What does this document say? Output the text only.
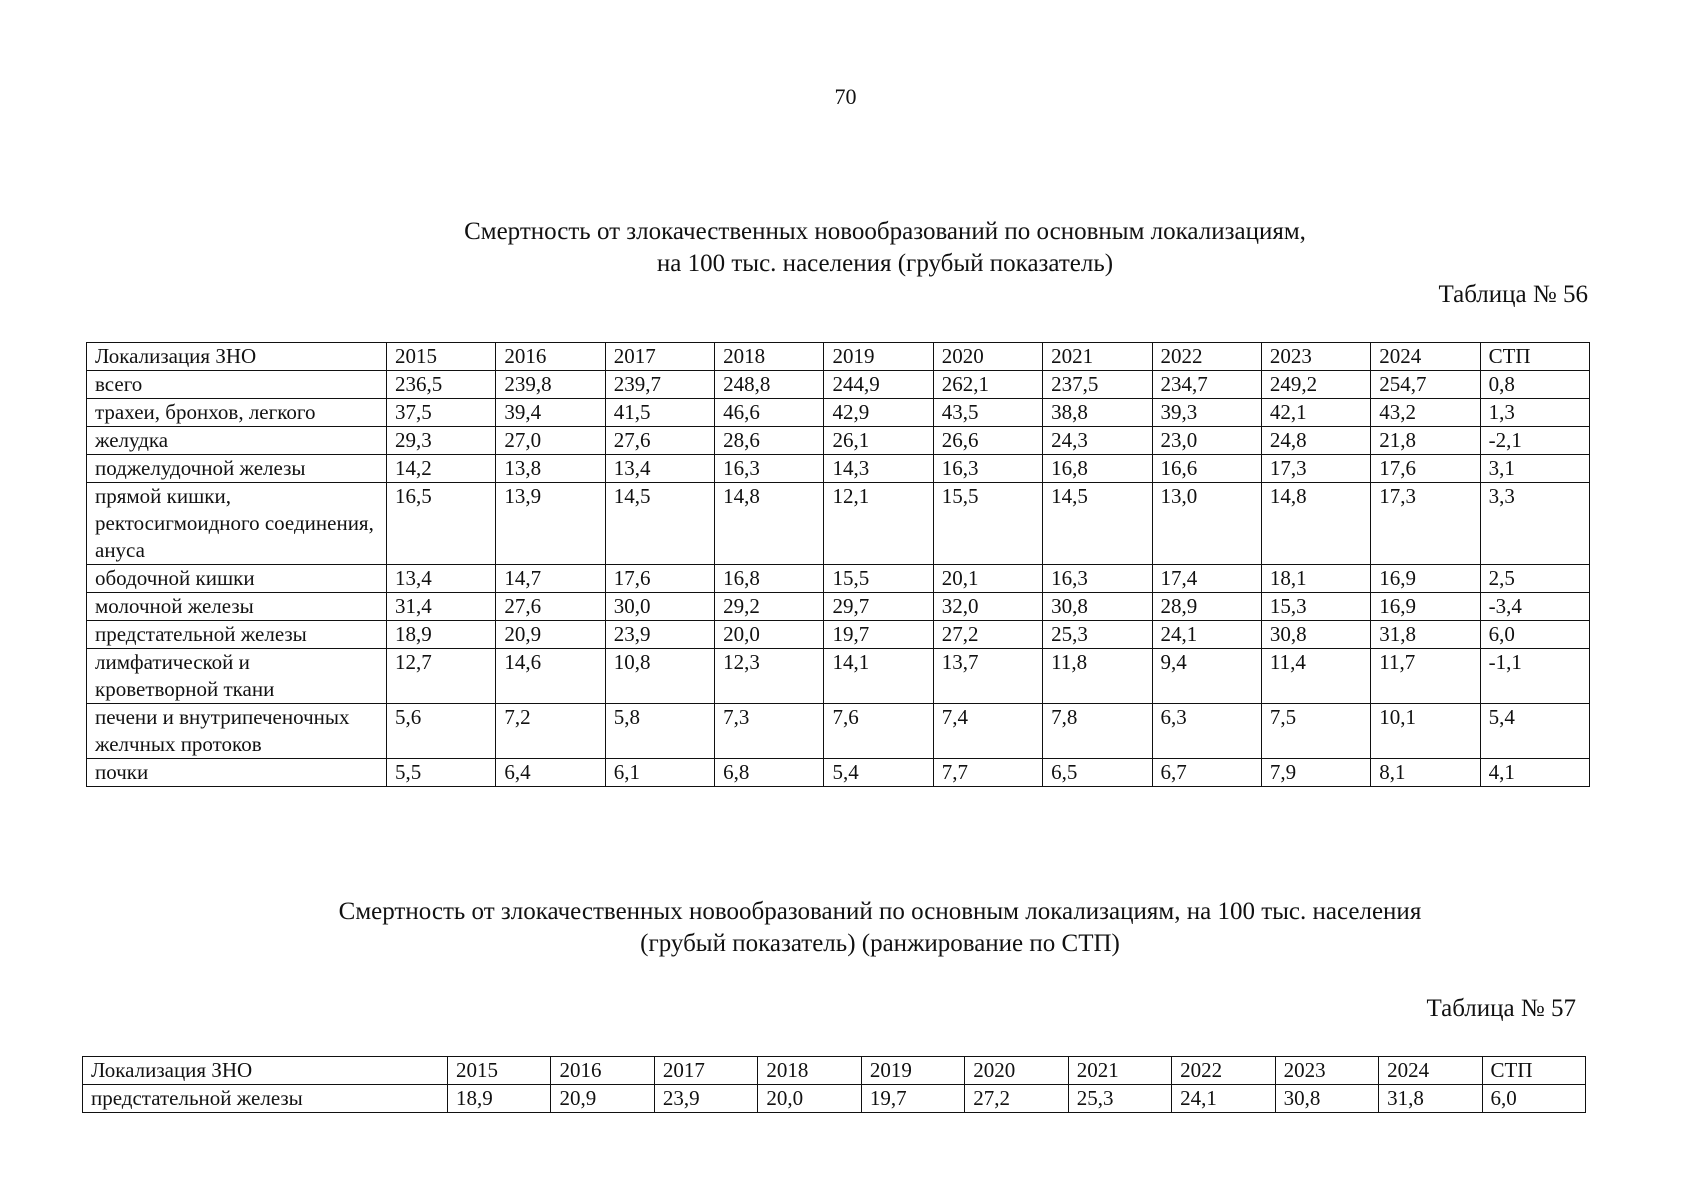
70
Смертность от злокачественных новообразований по основным локализациям,
на 100 тыс. населения (грубый показатель)
Таблица № 56
Локализация ЗНО	2015	2016	2017	2018	2019	2020	2021	2022	2023	2024	СТП
всего	236,5	239,8	239,7	248,8	244,9	262,1	237,5	234,7	249,2	254,7	0,8
трахеи, бронхов, легкого	37,5	39,4	41,5	46,6	42,9	43,5	38,8	39,3	42,1	43,2	1,3
желудка	29,3	27,0	27,6	28,6	26,1	26,6	24,3	23,0	24,8	21,8	-2,1
поджелудочной железы	14,2	13,8	13,4	16,3	14,3	16,3	16,8	16,6	17,3	17,6	3,1
прямой кишки, ректосигмоидного соединения, ануса	16,5	13,9	14,5	14,8	12,1	15,5	14,5	13,0	14,8	17,3	3,3
ободочной кишки	13,4	14,7	17,6	16,8	15,5	20,1	16,3	17,4	18,1	16,9	2,5
молочной железы	31,4	27,6	30,0	29,2	29,7	32,0	30,8	28,9	15,3	16,9	-3,4
предстательной железы	18,9	20,9	23,9	20,0	19,7	27,2	25,3	24,1	30,8	31,8	6,0
лимфатической и кроветворной ткани	12,7	14,6	10,8	12,3	14,1	13,7	11,8	9,4	11,4	11,7	-1,1
печени и внутрипеченочных желчных протоков	5,6	7,2	5,8	7,3	7,6	7,4	7,8	6,3	7,5	10,1	5,4
почки	5,5	6,4	6,1	6,8	5,4	7,7	6,5	6,7	7,9	8,1	4,1
Смертность от злокачественных новообразований по основным локализациям, на 100 тыс. населения
(грубый показатель) (ранжирование по СТП)
Таблица № 57
Локализация ЗНО	2015	2016	2017	2018	2019	2020	2021	2022	2023	2024	СТП
предстательной железы	18,9	20,9	23,9	20,0	19,7	27,2	25,3	24,1	30,8	31,8	6,0
